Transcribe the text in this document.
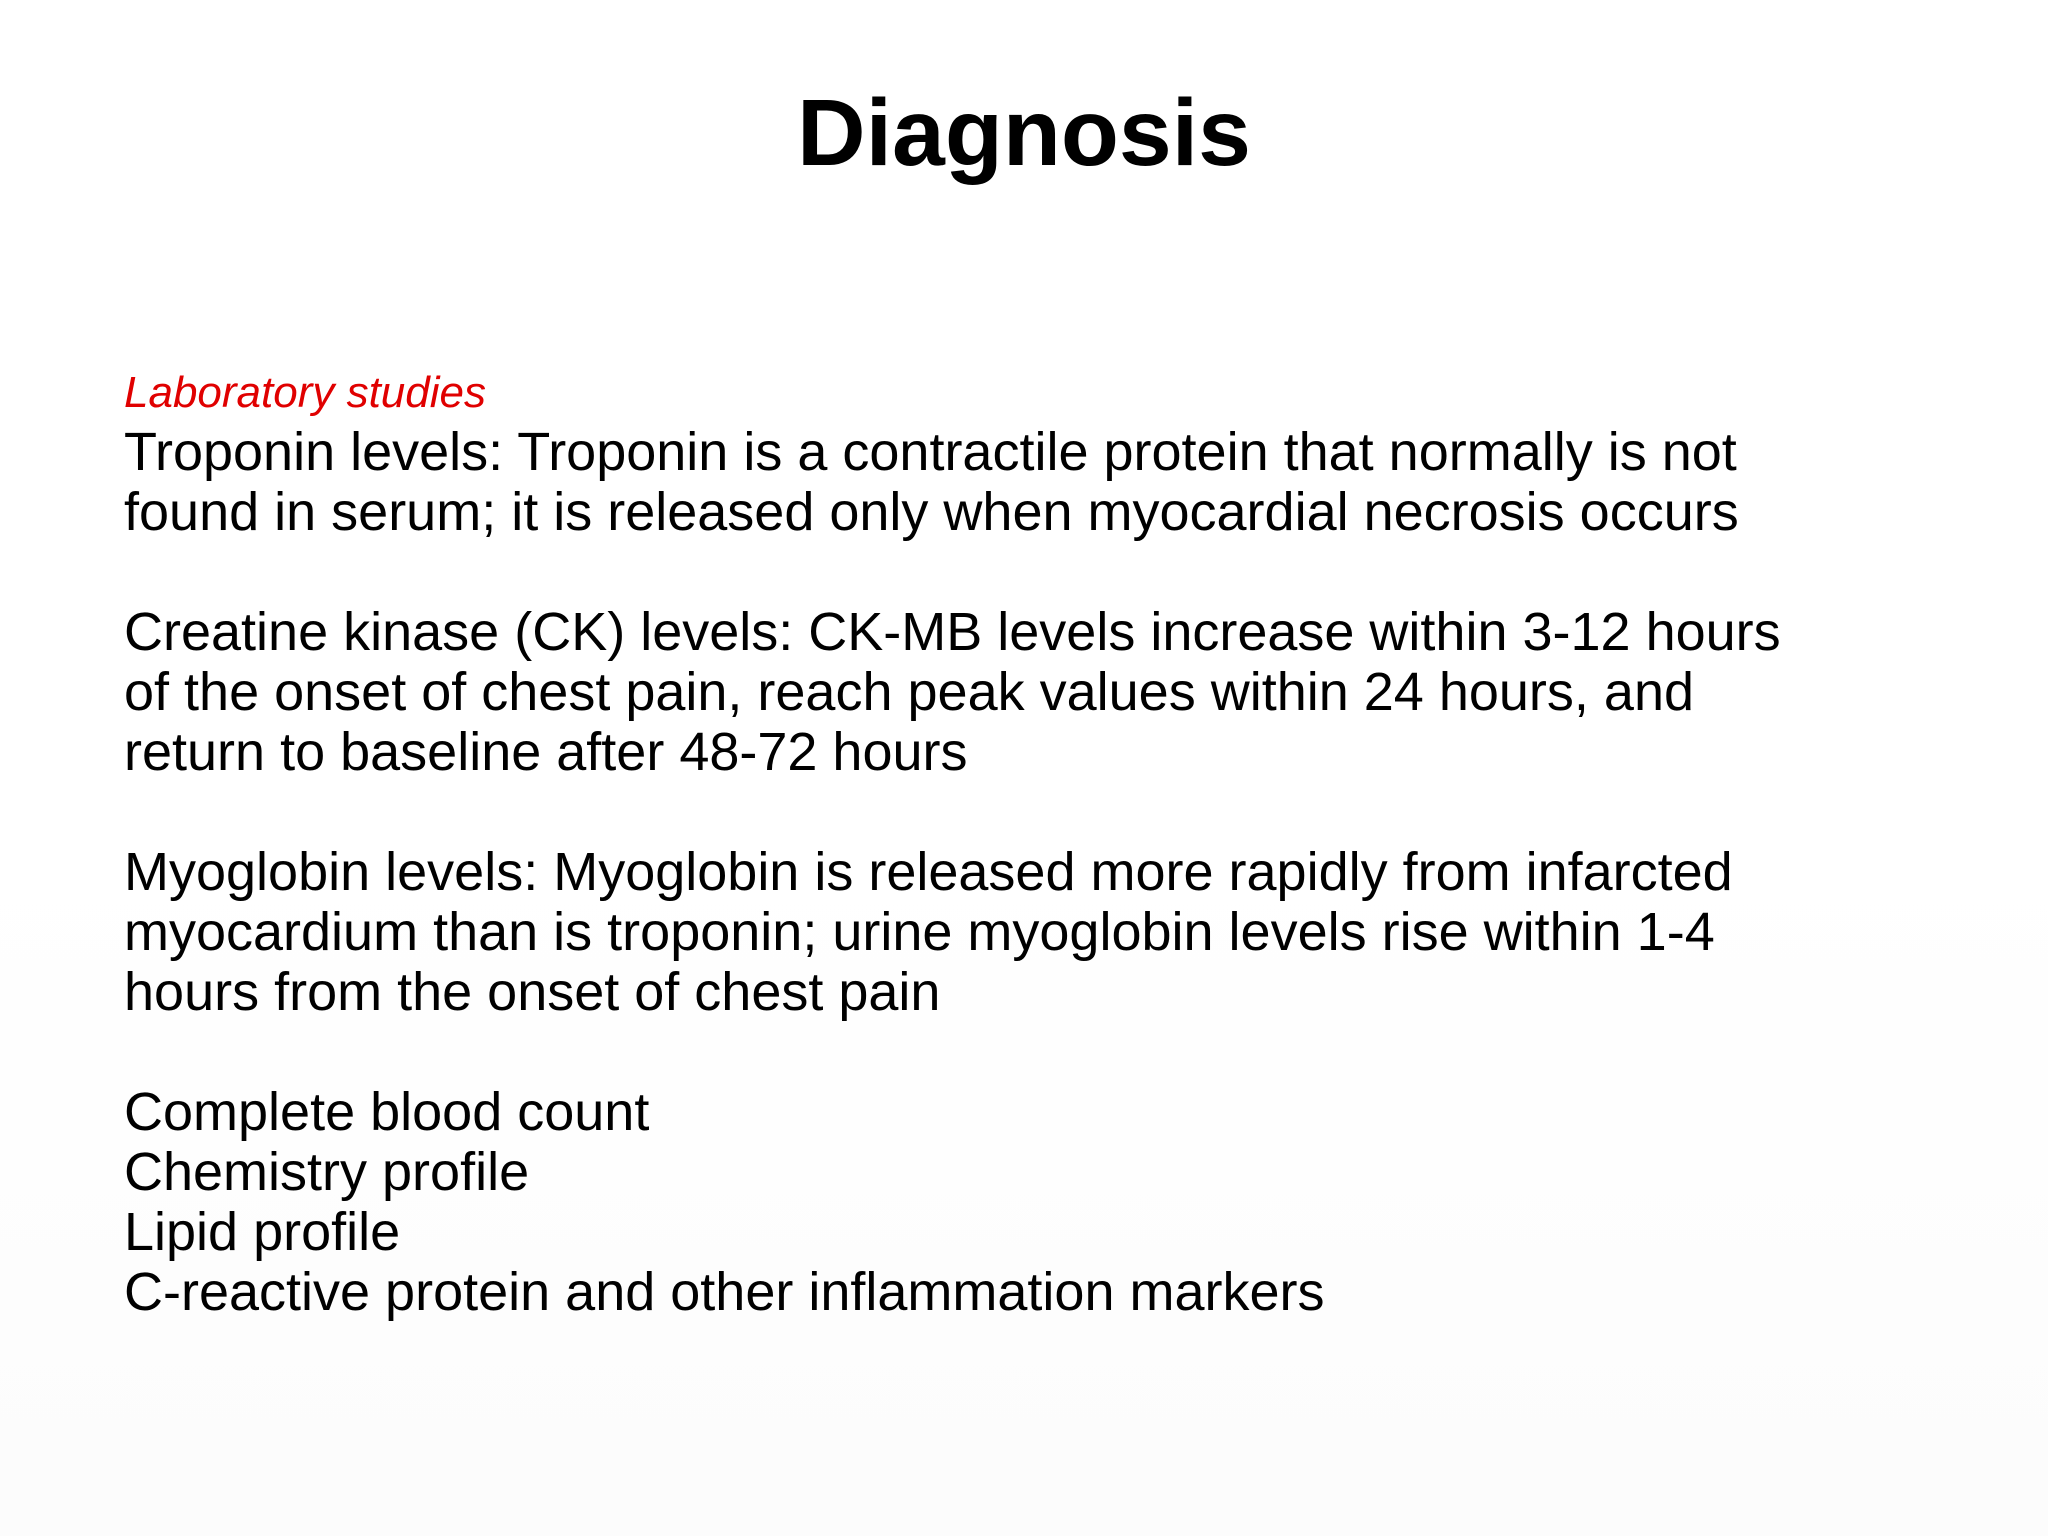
Diagnosis
Laboratory studies
Troponin levels: Troponin is a contractile protein that normally is not
found in serum; it is released only when myocardial necrosis occurs
Creatine kinase (CK) levels: CK-MB levels increase within 3-12 hours
of the onset of chest pain, reach peak values within 24 hours, and
return to baseline after 48-72 hours
Myoglobin levels: Myoglobin is released more rapidly from infarcted
myocardium than is troponin; urine myoglobin levels rise within 1-4
hours from the onset of chest pain
Complete blood count
Chemistry profile
Lipid profile
C-reactive protein and other inflammation markers
